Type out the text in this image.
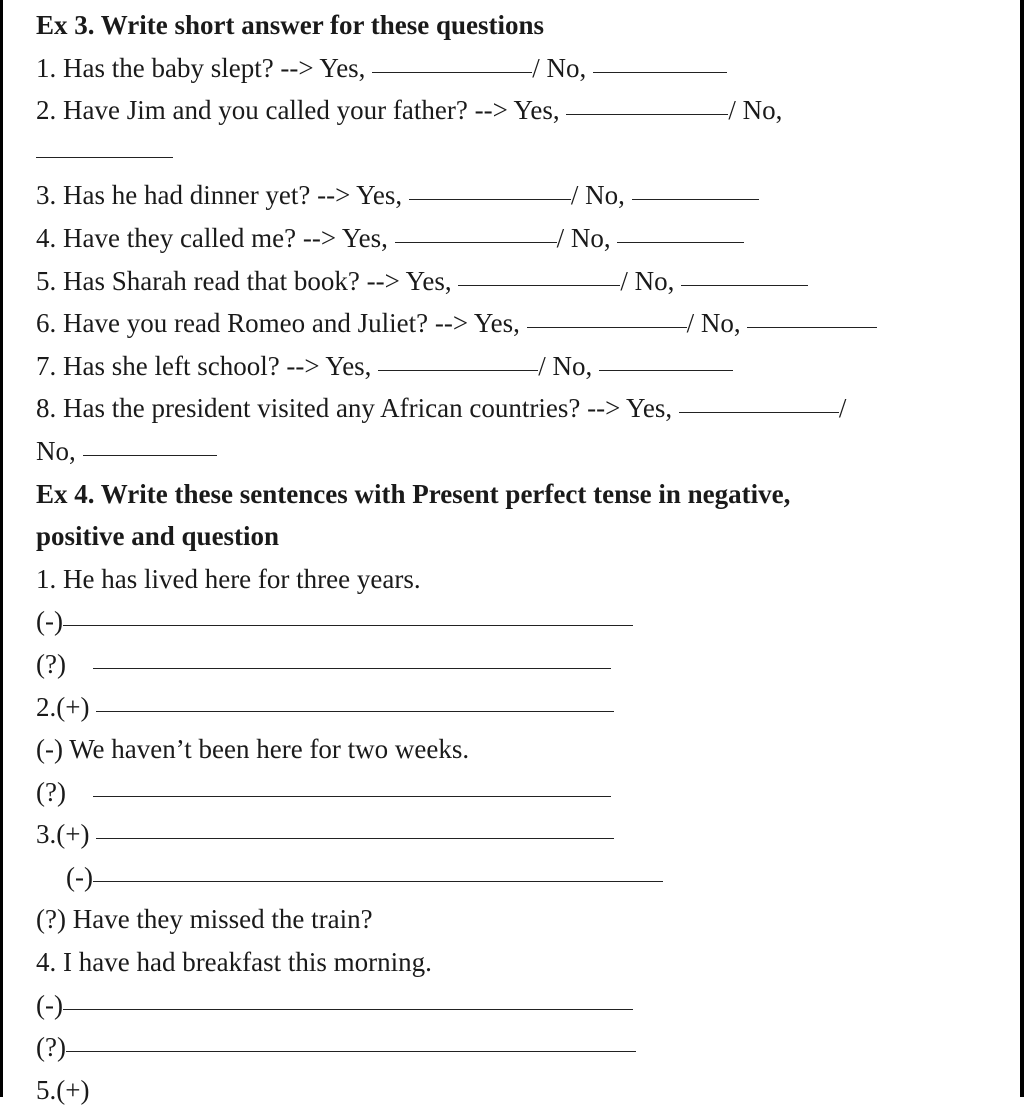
Ex 3. Write short answer for these questions
1. Has the baby slept? --> Yes,	/ No,
2. Have Jim and you called your father? --> Yes,	/ No,
3. Has he had dinner yet? --> Yes,	/ No,
4. Have they called me? --> Yes,	/ No,
5. Has Sharah read that book? --> Yes,	/ No,
6. Have you read Romeo and Juliet? --> Yes,	/ No,
7. Has she left school? --> Yes,	/ No,
8. Has the president visited any African countries? --> Yes,	/
No,
Ex 4. Write these sentences with Present perfect tense in negative,
positive and question
1. He has lived here for three years.
(-)
(?)
2.(+)
(-) We haven’t been here for two weeks.
(?)
3.(+)
(-)
(?) Have they missed the train?
4. I have had breakfast this morning.
(-)
(?)
5.(+)
